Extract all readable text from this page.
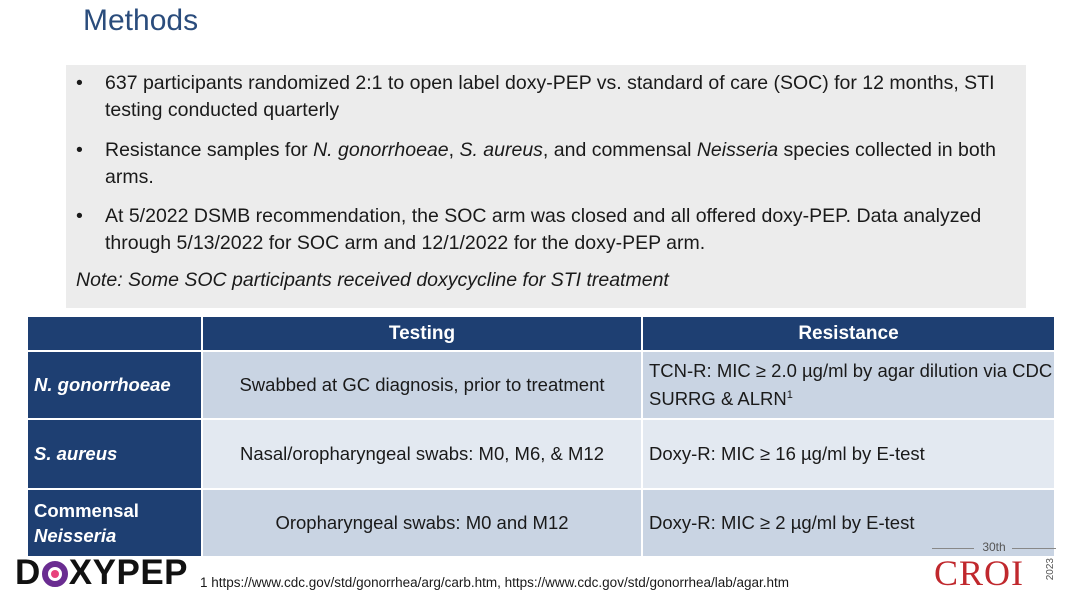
Methods
•	637 participants randomized 2:1 to open label doxy-PEP vs. standard of care (SOC) for 12 months, STI testing conducted quarterly
•	Resistance samples for N. gonorrhoeae, S. aureus, and commensal Neisseria species collected in both arms.
•	At 5/2022 DSMB recommendation, the SOC arm was closed and all offered doxy-PEP. Data analyzed through 5/13/2022 for SOC arm and 12/1/2022 for the doxy-PEP arm.
Note: Some SOC participants received doxycycline for STI treatment
	Testing	Resistance
N. gonorrhoeae	Swabbed at GC diagnosis, prior to treatment	TCN-R: MIC ≥ 2.0 µg/ml by agar dilution via CDC SURRG & ALRN$^1$
S. aureus	Nasal/oropharyngeal swabs: M0, M6, & M12	Doxy-R: MIC ≥ 16 µg/ml by E-test
Commensal
Neisseria	Oropharyngeal swabs: M0 and M12	Doxy-R: MIC ≥ 2 µg/ml by E-test
D XYPEP 1 https://www.cdc.gov/std/gonorrhea/arg/carb.htm, https://www.cdc.gov/std/gonorrhea/lab/agar.htm
30th
CROI 2023
